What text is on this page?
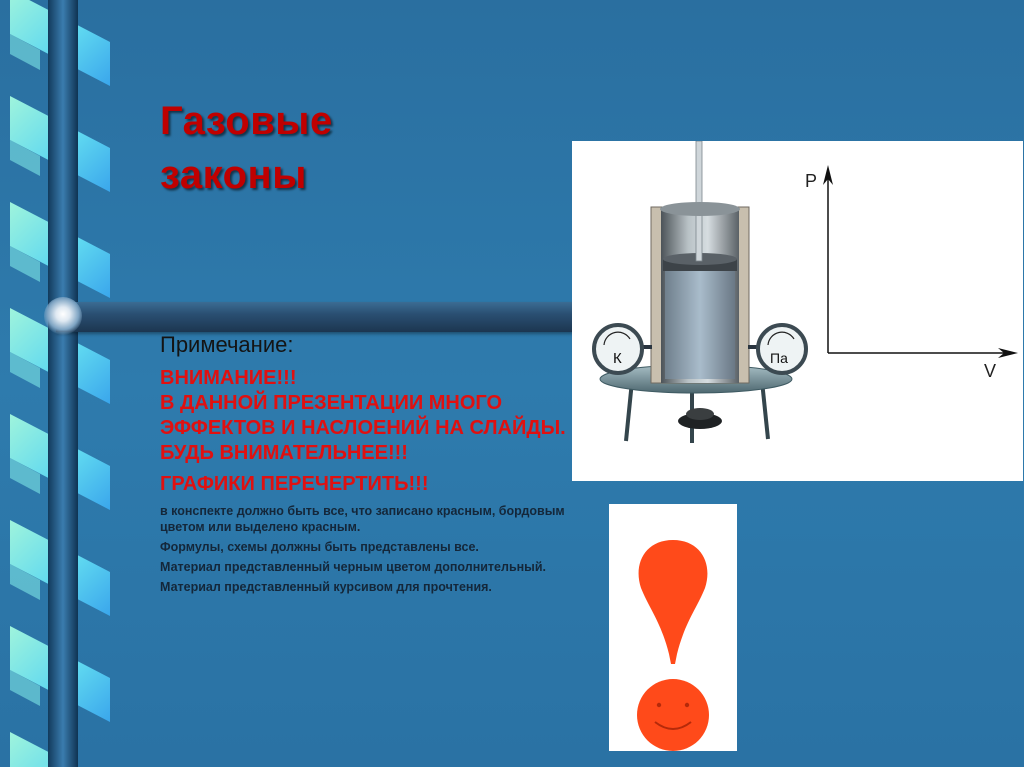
Газовые
законы

Примечание:

ВНИМАНИЕ!!!
В ДАННОЙ ПРЕЗЕНТАЦИИ МНОГО ЭФФЕКТОВ И НАСЛОЕНИЙ НА СЛАЙДЫ. БУДЬ ВНИМАТЕЛЬНЕЕ!!!

ГРАФИКИ ПЕРЕЧЕРТИТЬ!!!

в конспекте должно быть все, что записано красным, бордовым цветом или выделено красным.

Формулы, схемы должны быть представлены все.

Материал представленный черным цветом дополнительный.

Материал представленный курсивом для прочтения.

К	Па
P
V
